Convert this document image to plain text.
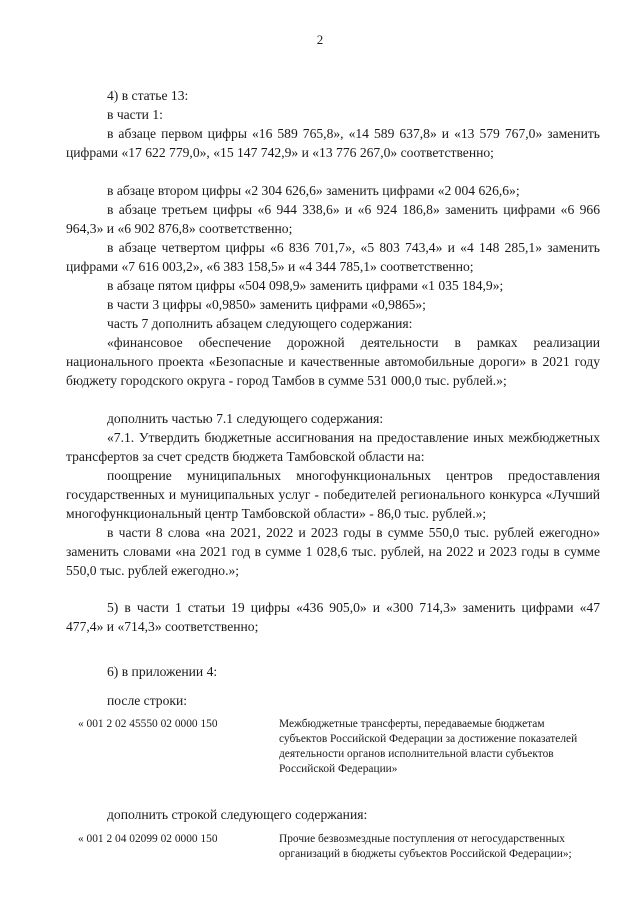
2

4) в статье 13:

в части 1:

в абзаце первом цифры «16 589 765,8», «14 589 637,8» и «13 579 767,0» заменить цифрами «17 622 779,0», «15 147 742,9» и «13 776 267,0» соответственно;

в абзаце втором цифры «2 304 626,6» заменить цифрами «2 004 626,6»;

в абзаце третьем цифры «6 944 338,6» и «6 924 186,8» заменить цифрами «6 966 964,3» и «6 902 876,8» соответственно;

в абзаце четвертом цифры «6 836 701,7», «5 803 743,4» и «4 148 285,1» заменить цифрами «7 616 003,2», «6 383 158,5» и «4 344 785,1» соответственно;

в абзаце пятом цифры «504 098,9» заменить цифрами «1 035 184,9»;

в части 3 цифры «0,9850» заменить цифрами «0,9865»;

часть 7 дополнить абзацем следующего содержания:

«финансовое обеспечение дорожной деятельности в рамках реализации национального проекта «Безопасные и качественные автомобильные дороги» в 2021 году бюджету городского округа - город Тамбов в сумме 531 000,0 тыс. рублей.»;

дополнить частью 7.1 следующего содержания:

«7.1. Утвердить бюджетные ассигнования на предоставление иных межбюджетных трансфертов за счет средств бюджета Тамбовской области на:

поощрение муниципальных многофункциональных центров предоставления государственных и муниципальных услуг - победителей регионального конкурса «Лучший многофункциональный центр Тамбовской области» - 86,0 тыс. рублей.»;

в части 8 слова «на 2021, 2022 и 2023 годы в сумме 550,0 тыс. рублей ежегодно» заменить словами «на 2021 год в сумме 1 028,6 тыс. рублей, на 2022 и 2023 годы в сумме 550,0 тыс. рублей ежегодно.»;

5) в части 1 статьи 19 цифры «436 905,0» и «300 714,3» заменить цифрами «47 477,4» и «714,3» соответственно;

6) в приложении 4:

после строки:

« 001 2 02 45550 02 0000 150	Межбюджетные трансферты, передаваемые бюджетам субъектов Российской Федерации за достижение показателей деятельности органов исполнительной власти субъектов Российской Федерации»

дополнить строкой следующего содержания:

« 001 2 04 02099 02 0000 150	Прочие безвозмездные поступления от негосударственных организаций в бюджеты субъектов Российской Федерации»;
